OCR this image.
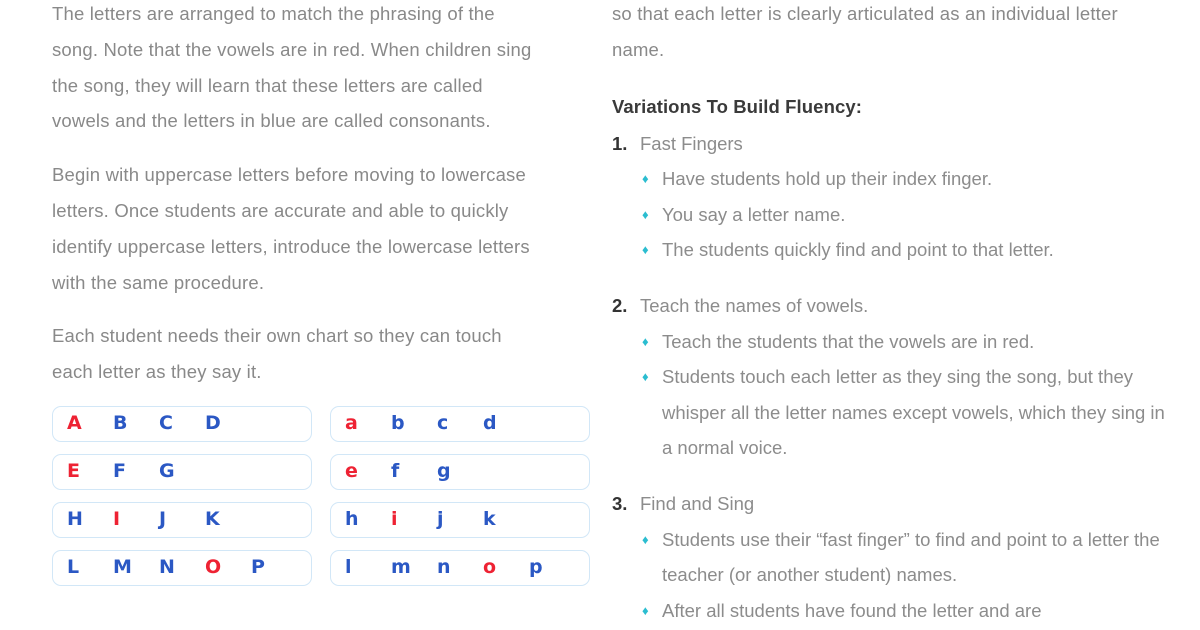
The letters are arranged to match the phrasing of the song. Note that the vowels are in red. When children sing the song, they will learn that these letters are called vowels and the letters in blue are called consonants.

Begin with uppercase letters before moving to lowercase letters. Once students are accurate and able to quickly identify uppercase letters, introduce the lowercase letters with the same procedure.

Each student needs their own chart so they can touch each letter as they say it.

A	B	C	D
E	F	G
H	I	J	K
L	M	N	O	P
a	b	c	d
e	f	g
h	i	j	k
l	m	n	o	p

so that each letter is clearly articulated as an individual letter name.

Variations To Build Fluency:
1. Fast Fingers
♦ Have students hold up their index finger.
♦ You say a letter name.
♦ The students quickly find and point to that letter.
2. Teach the names of vowels.
♦ Teach the students that the vowels are in red.
♦ Students touch each letter as they sing the song, but they whisper all the letter names except vowels, which they sing in a normal voice.
3. Find and Sing
♦ Students use their “fast finger” to find and point to a letter the teacher (or another student) names.
♦ After all students have found the letter and are
